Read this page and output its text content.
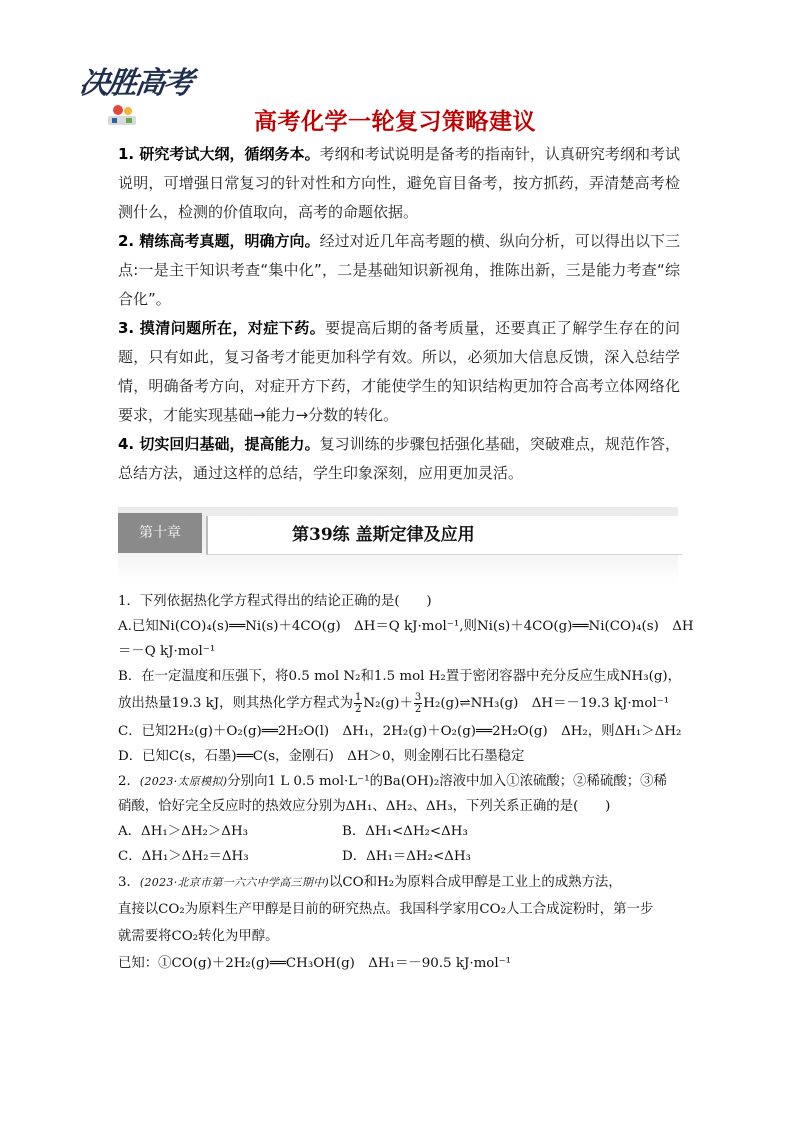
决胜高考
高考化学一轮复习策略建议

1. 研究考试大纲，循纲务本。考纲和考试说明是备考的指南针，认真研究考纲和考试说明，可增强日常复习的针对性和方向性，避免盲目备考，按方抓药，弄清楚高考检测什么，检测的价值取向，高考的命题依据。

2. 精练高考真题，明确方向。经过对近几年高考题的横、纵向分析，可以得出以下三点:一是主干知识考查“集中化”，二是基础知识新视角，推陈出新，三是能力考查“综合化”。

3. 摸清问题所在，对症下药。要提高后期的备考质量，还要真正了解学生存在的问题，只有如此，复习备考才能更加科学有效。所以，必须加大信息反馈，深入总结学情，明确备考方向，对症开方下药，才能使学生的知识结构更加符合高考立体网络化要求，才能实现基础→能力→分数的转化。

4. 切实回归基础，提高能力。复习训练的步骤包括强化基础，突破难点，规范作答，总结方法，通过这样的总结，学生印象深刻，应用更加灵活。

第十章	第39练 盖斯定律及应用

1．下列依据热化学方程式得出的结论正确的是(　　)

A.已知Ni(CO)₄(s)══Ni(s)＋4CO(g)　ΔH＝Q kJ·mol⁻¹,则Ni(s)＋4CO(g)══Ni(CO)₄(s)　ΔH

＝－Q kJ·mol⁻¹

B．在一定温度和压强下，将0.5 mol N₂和1.5 mol H₂置于密闭容器中充分反应生成NH₃(g)，

放出热量19.3 kJ，则其热化学方程式为 $\frac{1}{2} N_2(g)+ \frac{3}{2}$ H₂(g)⇌NH₃(g)　ΔH＝－19.3 kJ·mol⁻¹

C．已知2H₂(g)＋O₂(g)══2H₂O(l)　ΔH₁，2H₂(g)＋O₂(g)══2H₂O(g)　ΔH₂，则ΔH₁＞ΔH₂

D．已知C(s，石墨)══C(s，金刚石)　ΔH＞0，则金刚石比石墨稳定

2．(2023·太原模拟)分别向1 L 0.5 mol·L⁻¹的Ba(OH)₂溶液中加入①浓硫酸；②稀硫酸；③稀

硝酸，恰好完全反应时的热效应分别为ΔH₁、ΔH₂、ΔH₃，下列关系正确的是(　　)

A．ΔH₁＞ΔH₂＞ΔH₃	B．ΔH₁<ΔH₂<ΔH₃
C．ΔH₁＞ΔH₂＝ΔH₃	D．ΔH₁＝ΔH₂<ΔH₃

3．(2023·北京市第一六六中学高三期中)以CO和H₂为原料合成甲醇是工业上的成熟方法，

直接以CO₂为原料生产甲醇是目前的研究热点。我国科学家用CO₂人工合成淀粉时，第一步

就需要将CO₂转化为甲醇。

已知：①CO(g)＋2H₂(g)══CH₃OH(g)　ΔH₁＝－90.5 kJ·mol⁻¹
